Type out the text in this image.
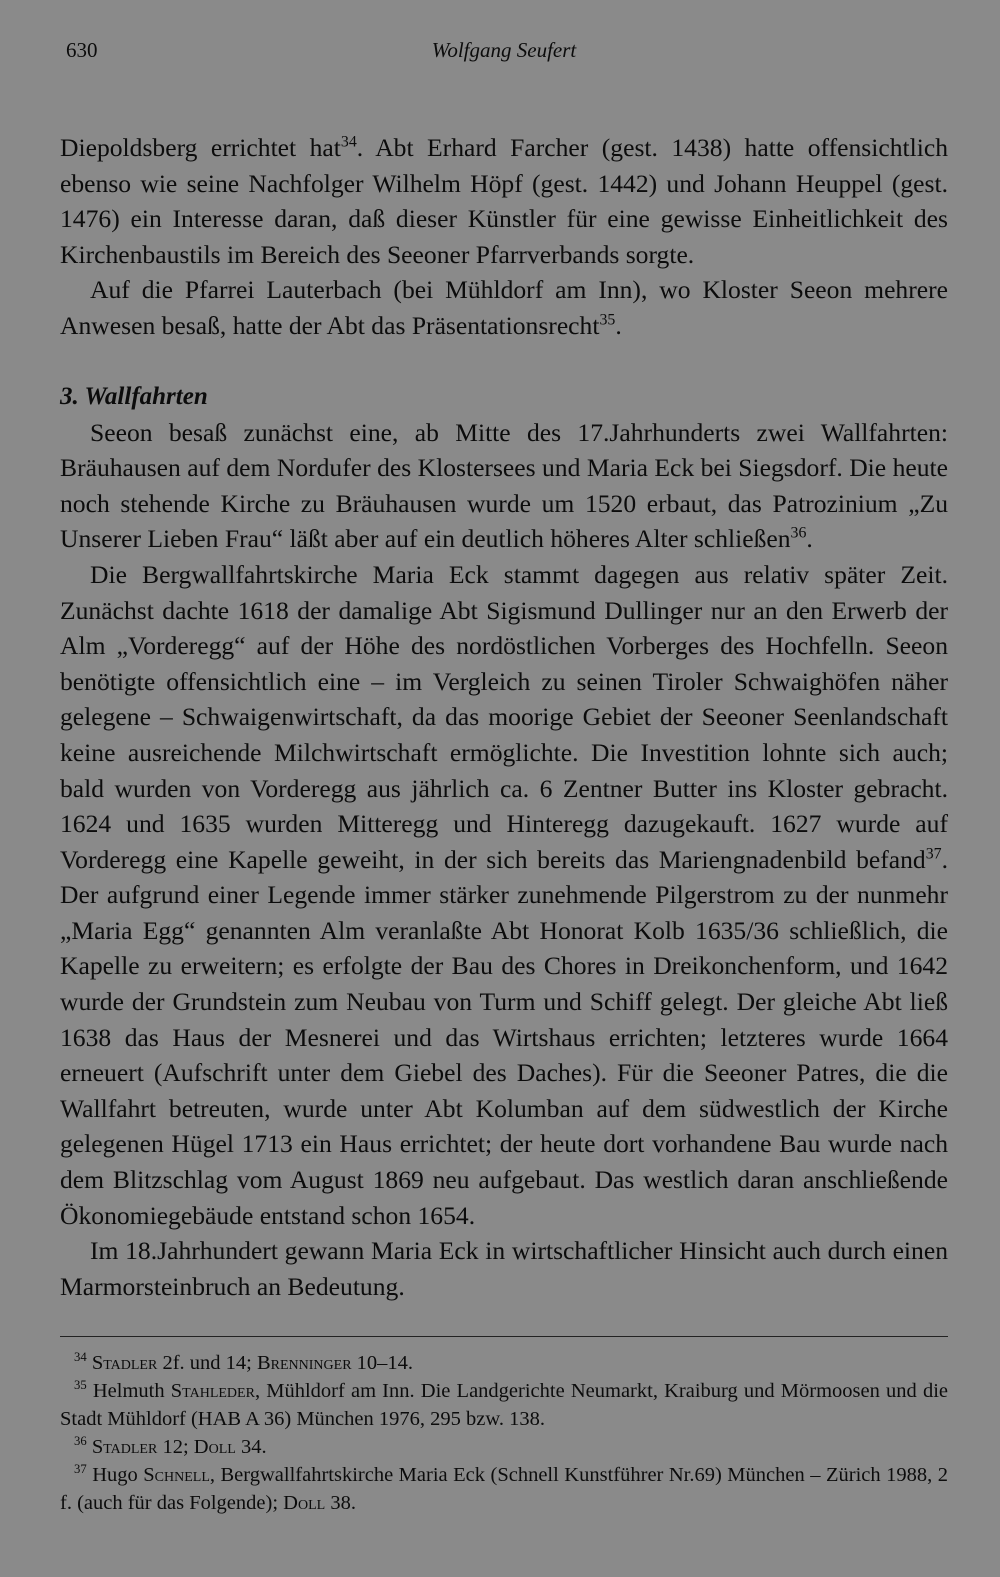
630	Wolfgang Seufert

Diepoldsberg errichtet hat$^{34}$. Abt Erhard Farcher (gest. 1438) hatte offensichtlich ebenso wie seine Nachfolger Wilhelm Höpf (gest. 1442) und Johann Heuppel (gest. 1476) ein Interesse daran, daß dieser Künstler für eine gewisse Einheitlichkeit des Kirchenbaustils im Bereich des Seeoner Pfarrverbands sorgte.

Auf die Pfarrei Lauterbach (bei Mühldorf am Inn), wo Kloster Seeon mehrere Anwesen besaß, hatte der Abt das Präsentationsrecht$^{35}$.

3. Wallfahrten

Seeon besaß zunächst eine, ab Mitte des 17.Jahrhunderts zwei Wallfahrten: Bräuhausen auf dem Nordufer des Klostersees und Maria Eck bei Siegsdorf. Die heute noch stehende Kirche zu Bräuhausen wurde um 1520 erbaut, das Patrozinium „Zu Unserer Lieben Frau“ läßt aber auf ein deutlich höheres Alter schließen$^{36}$.

Die Bergwallfahrtskirche Maria Eck stammt dagegen aus relativ später Zeit. Zunächst dachte 1618 der damalige Abt Sigismund Dullinger nur an den Erwerb der Alm „Vorderegg“ auf der Höhe des nordöstlichen Vorberges des Hochfelln. Seeon benötigte offensichtlich eine – im Vergleich zu seinen Tiroler Schwaighöfen näher gelegene – Schwaigenwirtschaft, da das moorige Gebiet der Seeoner Seenlandschaft keine ausreichende Milchwirtschaft ermöglichte. Die Investition lohnte sich auch; bald wurden von Vorderegg aus jährlich ca. 6 Zentner Butter ins Kloster gebracht. 1624 und 1635 wurden Mitteregg und Hinteregg dazugekauft. 1627 wurde auf Vorderegg eine Kapelle geweiht, in der sich bereits das Mariengnadenbild befand$^{37}$. Der aufgrund einer Legende immer stärker zunehmende Pilgerstrom zu der nunmehr „Maria Egg“ genannten Alm veranlaßte Abt Honorat Kolb 1635/36 schließlich, die Kapelle zu erweitern; es erfolgte der Bau des Chores in Dreikonchenform, und 1642 wurde der Grundstein zum Neubau von Turm und Schiff gelegt. Der gleiche Abt ließ 1638 das Haus der Mesnerei und das Wirtshaus errichten; letzteres wurde 1664 erneuert (Aufschrift unter dem Giebel des Daches). Für die Seeoner Patres, die die Wallfahrt betreuten, wurde unter Abt Kolumban auf dem südwestlich der Kirche gelegenen Hügel 1713 ein Haus errichtet; der heute dort vorhandene Bau wurde nach dem Blitzschlag vom August 1869 neu aufgebaut. Das westlich daran anschließende Ökonomiegebäude entstand schon 1654.

Im 18.Jahrhundert gewann Maria Eck in wirtschaftlicher Hinsicht auch durch einen Marmorsteinbruch an Bedeutung.

$^{34}$ Stadler 2f. und 14; Brenninger 10–14.

$^{35}$ Helmuth Stahleder, Mühldorf am Inn. Die Landgerichte Neumarkt, Kraiburg und Mörmoosen und die Stadt Mühldorf (HAB A 36) München 1976, 295 bzw. 138.

$^{36}$ Stadler 12; Doll 34.

$^{37}$ Hugo Schnell, Bergwallfahrtskirche Maria Eck (Schnell Kunstführer Nr.69) München – Zürich 1988, 2 f. (auch für das Folgende); Doll 38.
